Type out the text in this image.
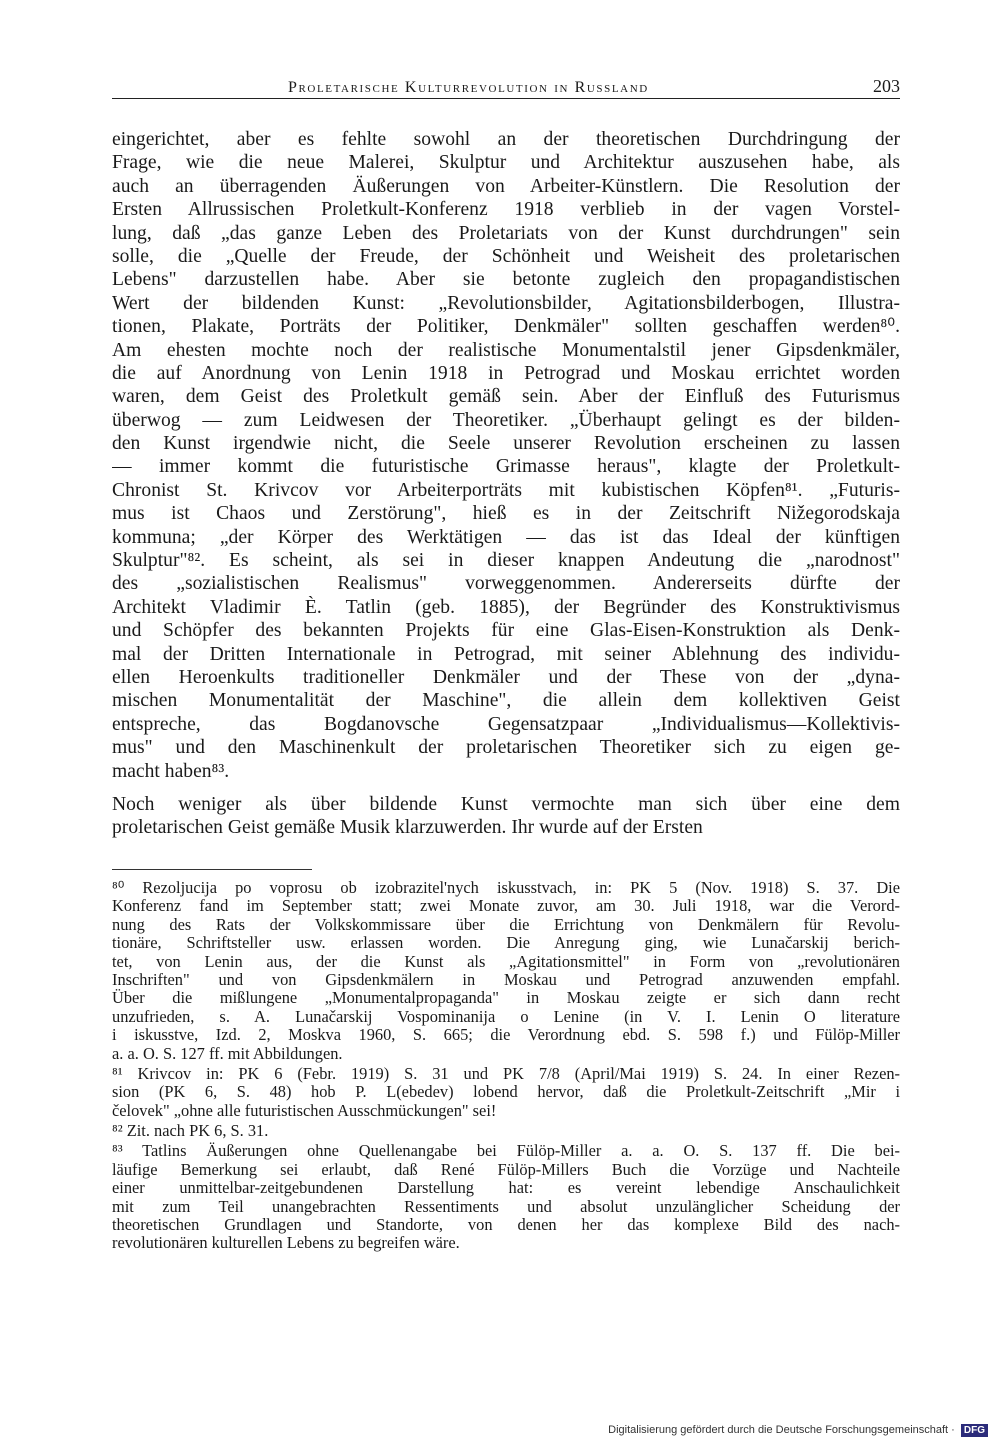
Proletarische Kulturrevolution in Russland	203
eingerichtet, aber es fehlte sowohl an der theoretischen Durchdringung der
Frage, wie die neue Malerei, Skulptur und Architektur auszusehen habe, als
auch an überragenden Äußerungen von Arbeiter-Künstlern. Die Resolution der
Ersten Allrussischen Proletkult-Konferenz 1918 verblieb in der vagen Vorstel-
lung, daß „das ganze Leben des Proletariats von der Kunst durchdrungen" sein
solle, die „Quelle der Freude, der Schönheit und Weisheit des proletarischen
Lebens" darzustellen habe. Aber sie betonte zugleich den propagandistischen
Wert der bildenden Kunst: „Revolutionsbilder, Agitationsbilderbogen, Illustra-
tionen, Plakate, Porträts der Politiker, Denkmäler" sollten geschaffen werden⁸⁰.
Am ehesten mochte noch der realistische Monumentalstil jener Gipsdenkmäler,
die auf Anordnung von Lenin 1918 in Petrograd und Moskau errichtet worden
waren, dem Geist des Proletkult gemäß sein. Aber der Einfluß des Futurismus
überwog — zum Leidwesen der Theoretiker. „Überhaupt gelingt es der bilden-
den Kunst irgendwie nicht, die Seele unserer Revolution erscheinen zu lassen
— immer kommt die futuristische Grimasse heraus", klagte der Proletkult-
Chronist St. Krivcov vor Arbeiterporträts mit kubistischen Köpfen⁸¹. „Futuris-
mus ist Chaos und Zerstörung", hieß es in der Zeitschrift Nižegorodskaja
kommuna; „der Körper des Werktätigen — das ist das Ideal der künftigen
Skulptur"⁸². Es scheint, als sei in dieser knappen Andeutung die „narodnost"
des „sozialistischen Realismus" vorweggenommen. Andererseits dürfte der
Architekt Vladimir È. Tatlin (geb. 1885), der Begründer des Konstruktivismus
und Schöpfer des bekannten Projekts für eine Glas-Eisen-Konstruktion als Denk-
mal der Dritten Internationale in Petrograd, mit seiner Ablehnung des individu-
ellen Heroenkults traditioneller Denkmäler und der These von der „dyna-
mischen Monumentalität der Maschine", die allein dem kollektiven Geist
entspreche, das Bogdanovsche Gegensatzpaar „Individualismus—Kollektivis-
mus" und den Maschinenkult der proletarischen Theoretiker sich zu eigen ge-
macht haben⁸³.
Noch weniger als über bildende Kunst vermochte man sich über eine dem
proletarischen Geist gemäße Musik klarzuwerden. Ihr wurde auf der Ersten
⁸⁰ Rezoljucija po voprosu ob izobrazitel'nych iskusstvach, in: PK 5 (Nov. 1918) S. 37. Die
Konferenz fand im September statt; zwei Monate zuvor, am 30. Juli 1918, war die Verord-
nung des Rats der Volkskommissare über die Errichtung von Denkmälern für Revolu-
tionäre, Schriftsteller usw. erlassen worden. Die Anregung ging, wie Lunačarskij berich-
tet, von Lenin aus, der die Kunst als „Agitationsmittel" in Form von „revolutionären
Inschriften" und von Gipsdenkmälern in Moskau und Petrograd anzuwenden empfahl.
Über die mißlungene „Monumentalpropaganda" in Moskau zeigte er sich dann recht
unzufrieden, s. A. Lunačarskij Vospominanija o Lenine (in V. I. Lenin O literature
i iskusstve, Izd. 2, Moskva 1960, S. 665; die Verordnung ebd. S. 598 f.) und Fülöp-Miller
a. a. O. S. 127 ff. mit Abbildungen.
⁸¹ Krivcov in: PK 6 (Febr. 1919) S. 31 und PK 7/8 (April/Mai 1919) S. 24. In einer Rezen-
sion (PK 6, S. 48) hob P. L(ebedev) lobend hervor, daß die Proletkult-Zeitschrift „Mir i
čelovek" „ohne alle futuristischen Ausschmückungen" sei!
⁸² Zit. nach PK 6, S. 31.
⁸³ Tatlins Äußerungen ohne Quellenangabe bei Fülöp-Miller a. a. O. S. 137 ff. Die bei-
läufige Bemerkung sei erlaubt, daß René Fülöp-Millers Buch die Vorzüge und Nachteile
einer unmittelbar-zeitgebundenen Darstellung hat: es vereint lebendige Anschaulichkeit
mit zum Teil unangebrachten Ressentiments und absolut unzulänglicher Scheidung der
theoretischen Grundlagen und Standorte, von denen her das komplexe Bild des nach-
revolutionären kulturellen Lebens zu begreifen wäre.
Digitalisierung gefördert durch die Deutsche Forschungsgemeinschaft · DFG
